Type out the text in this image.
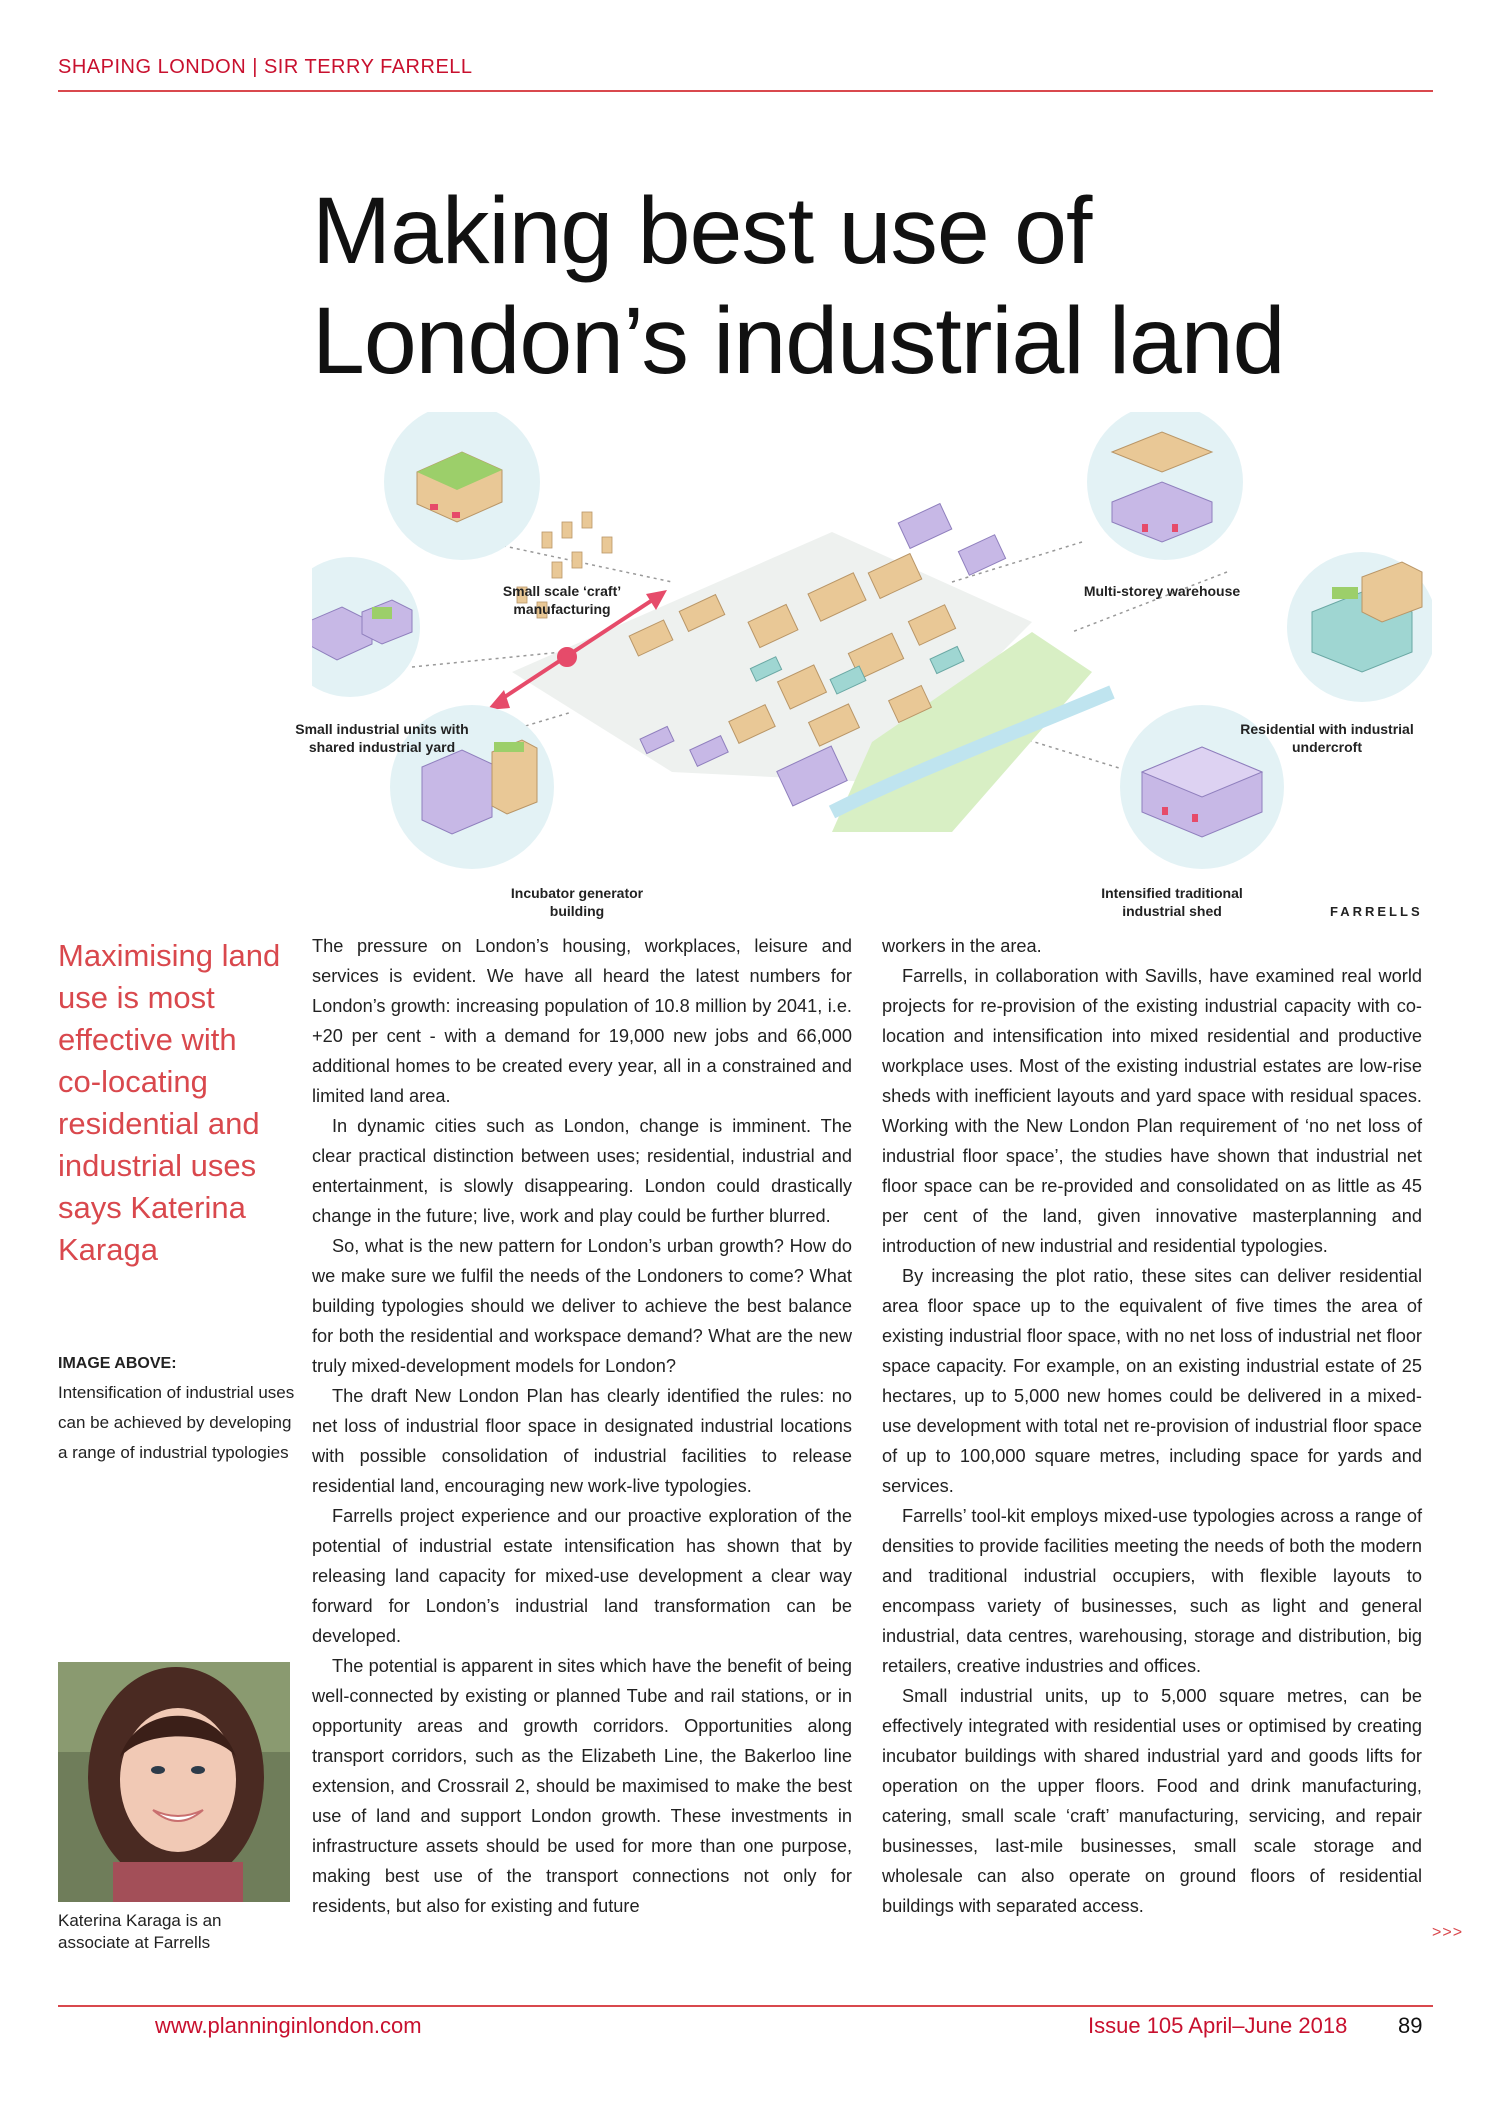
SHAPING LONDON | SIR TERRY FARRELL
Making best use of
London’s industrial land
Small scale ‘craft’ manufacturing
Multi-storey warehouse
Small industrial units with shared industrial yard
Residential with industrial undercroft
Incubator generator building
Intensified traditional industrial shed	FARRELLS
Maximising land use is most effective with co-locating residential and industrial uses says Katerina Karaga
IMAGE ABOVE:
Intensification of industrial uses can be achieved by developing a range of industrial typologies
Katerina Karaga is an associate at Farrells

The pressure on London’s housing, workplaces, leisure and services is evident. We have all heard the latest numbers for London’s growth: increasing population of 10.8 million by 2041, i.e. +20 per cent - with a demand for 19,000 new jobs and 66,000 additional homes to be created every year, all in a constrained and limited land area.

In dynamic cities such as London, change is imminent. The clear practical distinction between uses; residential, industrial and entertainment, is slowly disappearing. London could drastically change in the future; live, work and play could be further blurred.

So, what is the new pattern for London’s urban growth? How do we make sure we fulfil the needs of the Londoners to come? What building typologies should we deliver to achieve the best balance for both the residential and workspace demand? What are the new truly mixed-development models for London?

The draft New London Plan has clearly identified the rules: no net loss of industrial floor space in designated industrial locations with possible consolidation of industrial facilities to release residential land, encouraging new work-live typologies.

Farrells project experience and our proactive exploration of the potential of industrial estate intensification has shown that by releasing land capacity for mixed-use development a clear way forward for London’s industrial land transformation can be developed.

The potential is apparent in sites which have the benefit of being well-connected by existing or planned Tube and rail stations, or in opportunity areas and growth corridors. Opportunities along transport corridors, such as the Elizabeth Line, the Bakerloo line extension, and Crossrail 2, should be maximised to make the best use of land and support London growth. These investments in infrastructure assets should be used for more than one purpose, making best use of the transport connections not only for residents, but also for existing and future

workers in the area.

Farrells, in collaboration with Savills, have examined real world projects for re-provision of the existing industrial capacity with co-location and intensification into mixed residential and productive workplace uses. Most of the existing industrial estates are low-rise sheds with inefficient layouts and yard space with residual spaces. Working with the New London Plan requirement of ‘no net loss of industrial floor space’, the studies have shown that industrial net floor space can be re-provided and consolidated on as little as 45 per cent of the land, given innovative masterplanning and introduction of new industrial and residential typologies.

By increasing the plot ratio, these sites can deliver residential area floor space up to the equivalent of five times the area of existing industrial floor space, with no net loss of industrial net floor space capacity. For example, on an existing industrial estate of 25 hectares, up to 5,000 new homes could be delivered in a mixed-use development with total net re-provision of industrial floor space of up to 100,000 square metres, including space for yards and services.

Farrells’ tool-kit employs mixed-use typologies across a range of densities to provide facilities meeting the needs of both the modern and traditional industrial occupiers, with flexible layouts to encompass variety of businesses, such as light and general industrial, data centres, warehousing, storage and distribution, big retailers, creative industries and offices.

Small industrial units, up to 5,000 square metres, can be effectively integrated with residential uses or optimised by creating incubator buildings with shared industrial yard and goods lifts for operation on the upper floors. Food and drink manufacturing, catering, small scale ‘craft’ manufacturing, servicing, and repair businesses, last-mile businesses, small scale storage and wholesale can also operate on ground floors of residential buildings with separated access.

>>>
www.planninginlondon.com	Issue 105 April–June 2018 89
